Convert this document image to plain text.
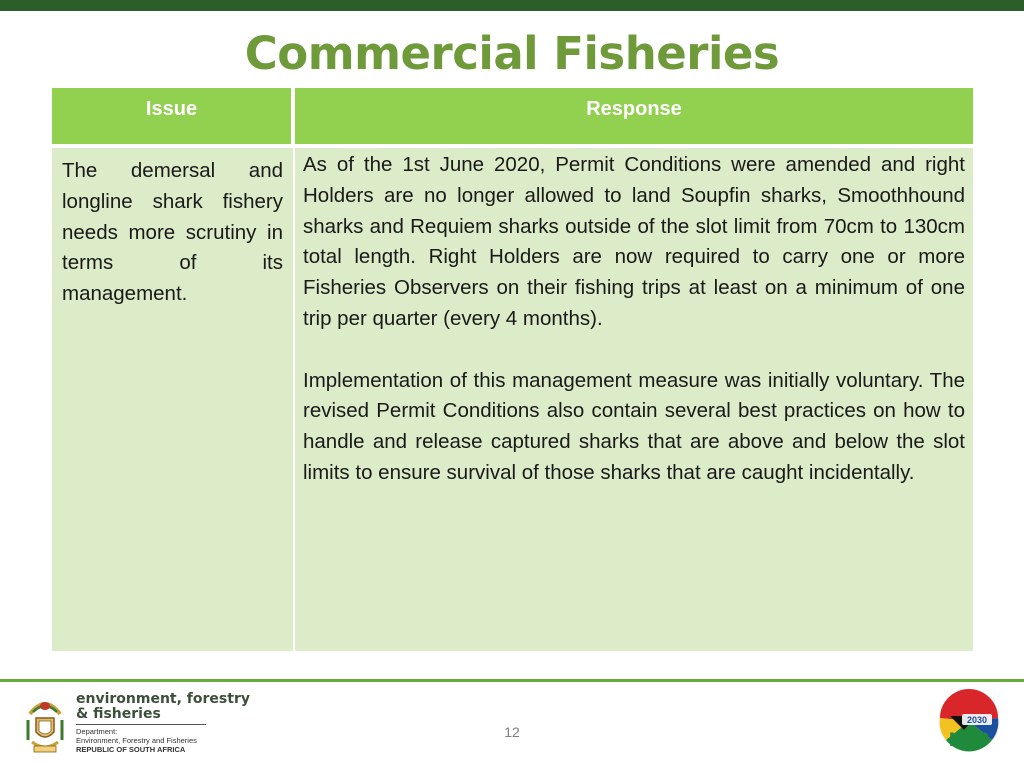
Commercial Fisheries
Issue	Response

The demersal and longline shark fishery needs more scrutiny in terms of its management.

As of the 1st June 2020, Permit Conditions were amended and right Holders are no longer allowed to land Soupfin sharks, Smoothhound sharks and Requiem sharks outside of the slot limit from 70cm to 130cm total length. Right Holders are now required to carry one or more Fisheries Observers on their fishing trips at least on a minimum of one trip per quarter (every 4 months).

Implementation of this management measure was initially voluntary. The revised Permit Conditions also contain several best practices on how to handle and release captured sharks that are above and below the slot limits to ensure survival of those sharks that are caught incidentally.

environment, forestry
& fisheries
Department:
Environment, Forestry and Fisheries
REPUBLIC OF SOUTH AFRICA
12
2030
NDP
